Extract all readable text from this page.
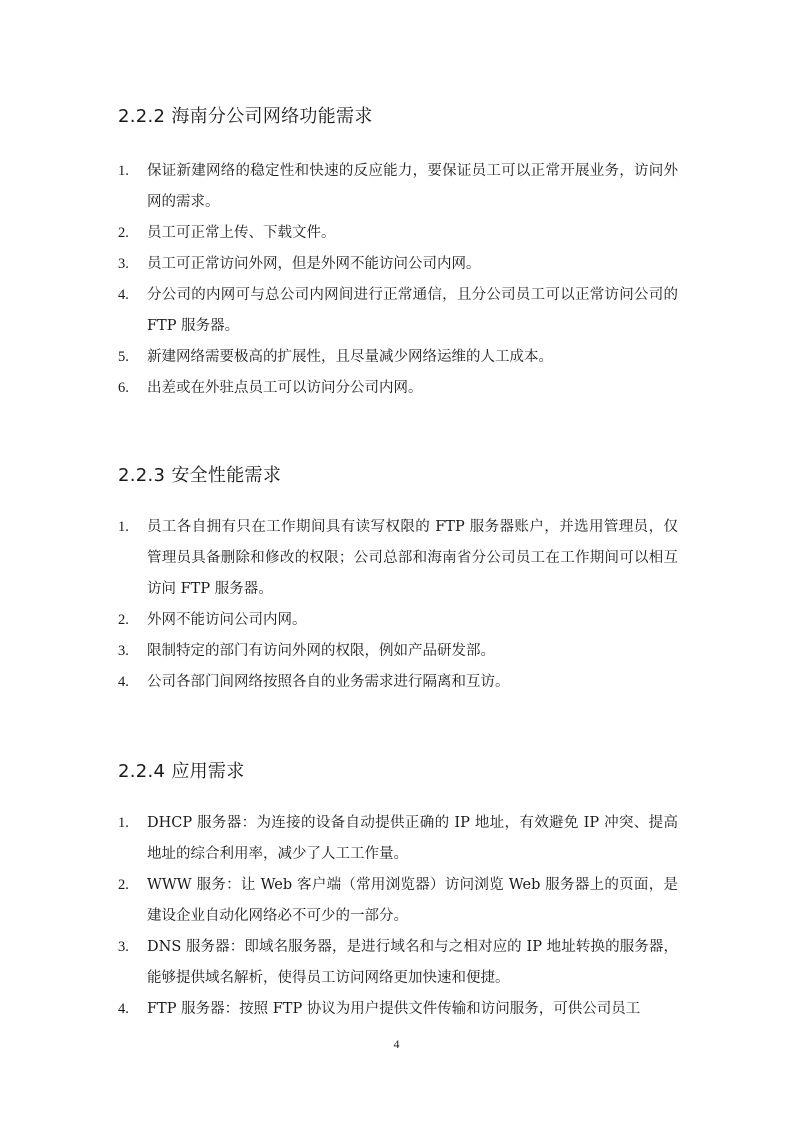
2.2.2 海南分公司网络功能需求
1. 保证新建网络的稳定性和快速的反应能力，要保证员工可以正常开展业务，访问外网的需求。
2. 员工可正常上传、下载文件。
3. 员工可正常访问外网，但是外网不能访问公司内网。
4. 分公司的内网可与总公司内网间进行正常通信，且分公司员工可以正常访问公司的 FTP 服务器。
5. 新建网络需要极高的扩展性，且尽量减少网络运维的人工成本。
6. 出差或在外驻点员工可以访问分公司内网。
2.2.3 安全性能需求
1. 员工各自拥有只在工作期间具有读写权限的 FTP 服务器账户，并选用管理员，仅管理员具备删除和修改的权限；公司总部和海南省分公司员工在工作期间可以相互访问 FTP 服务器。
2. 外网不能访问公司内网。
3. 限制特定的部门有访问外网的权限，例如产品研发部。
4. 公司各部门间网络按照各自的业务需求进行隔离和互访。
2.2.4 应用需求
1. DHCP 服务器：为连接的设备自动提供正确的 IP 地址，有效避免 IP 冲突、提高地址的综合利用率，减少了人工工作量。
2. WWW 服务：让 Web 客户端（常用浏览器）访问浏览 Web 服务器上的页面，是建设企业自动化网络必不可少的一部分。
3. DNS 服务器：即域名服务器，是进行域名和与之相对应的 IP 地址转换的服务器，能够提供域名解析，使得员工访问网络更加快速和便捷。
4. FTP 服务器：按照 FTP 协议为用户提供文件传输和访问服务，可供公司员工
4
